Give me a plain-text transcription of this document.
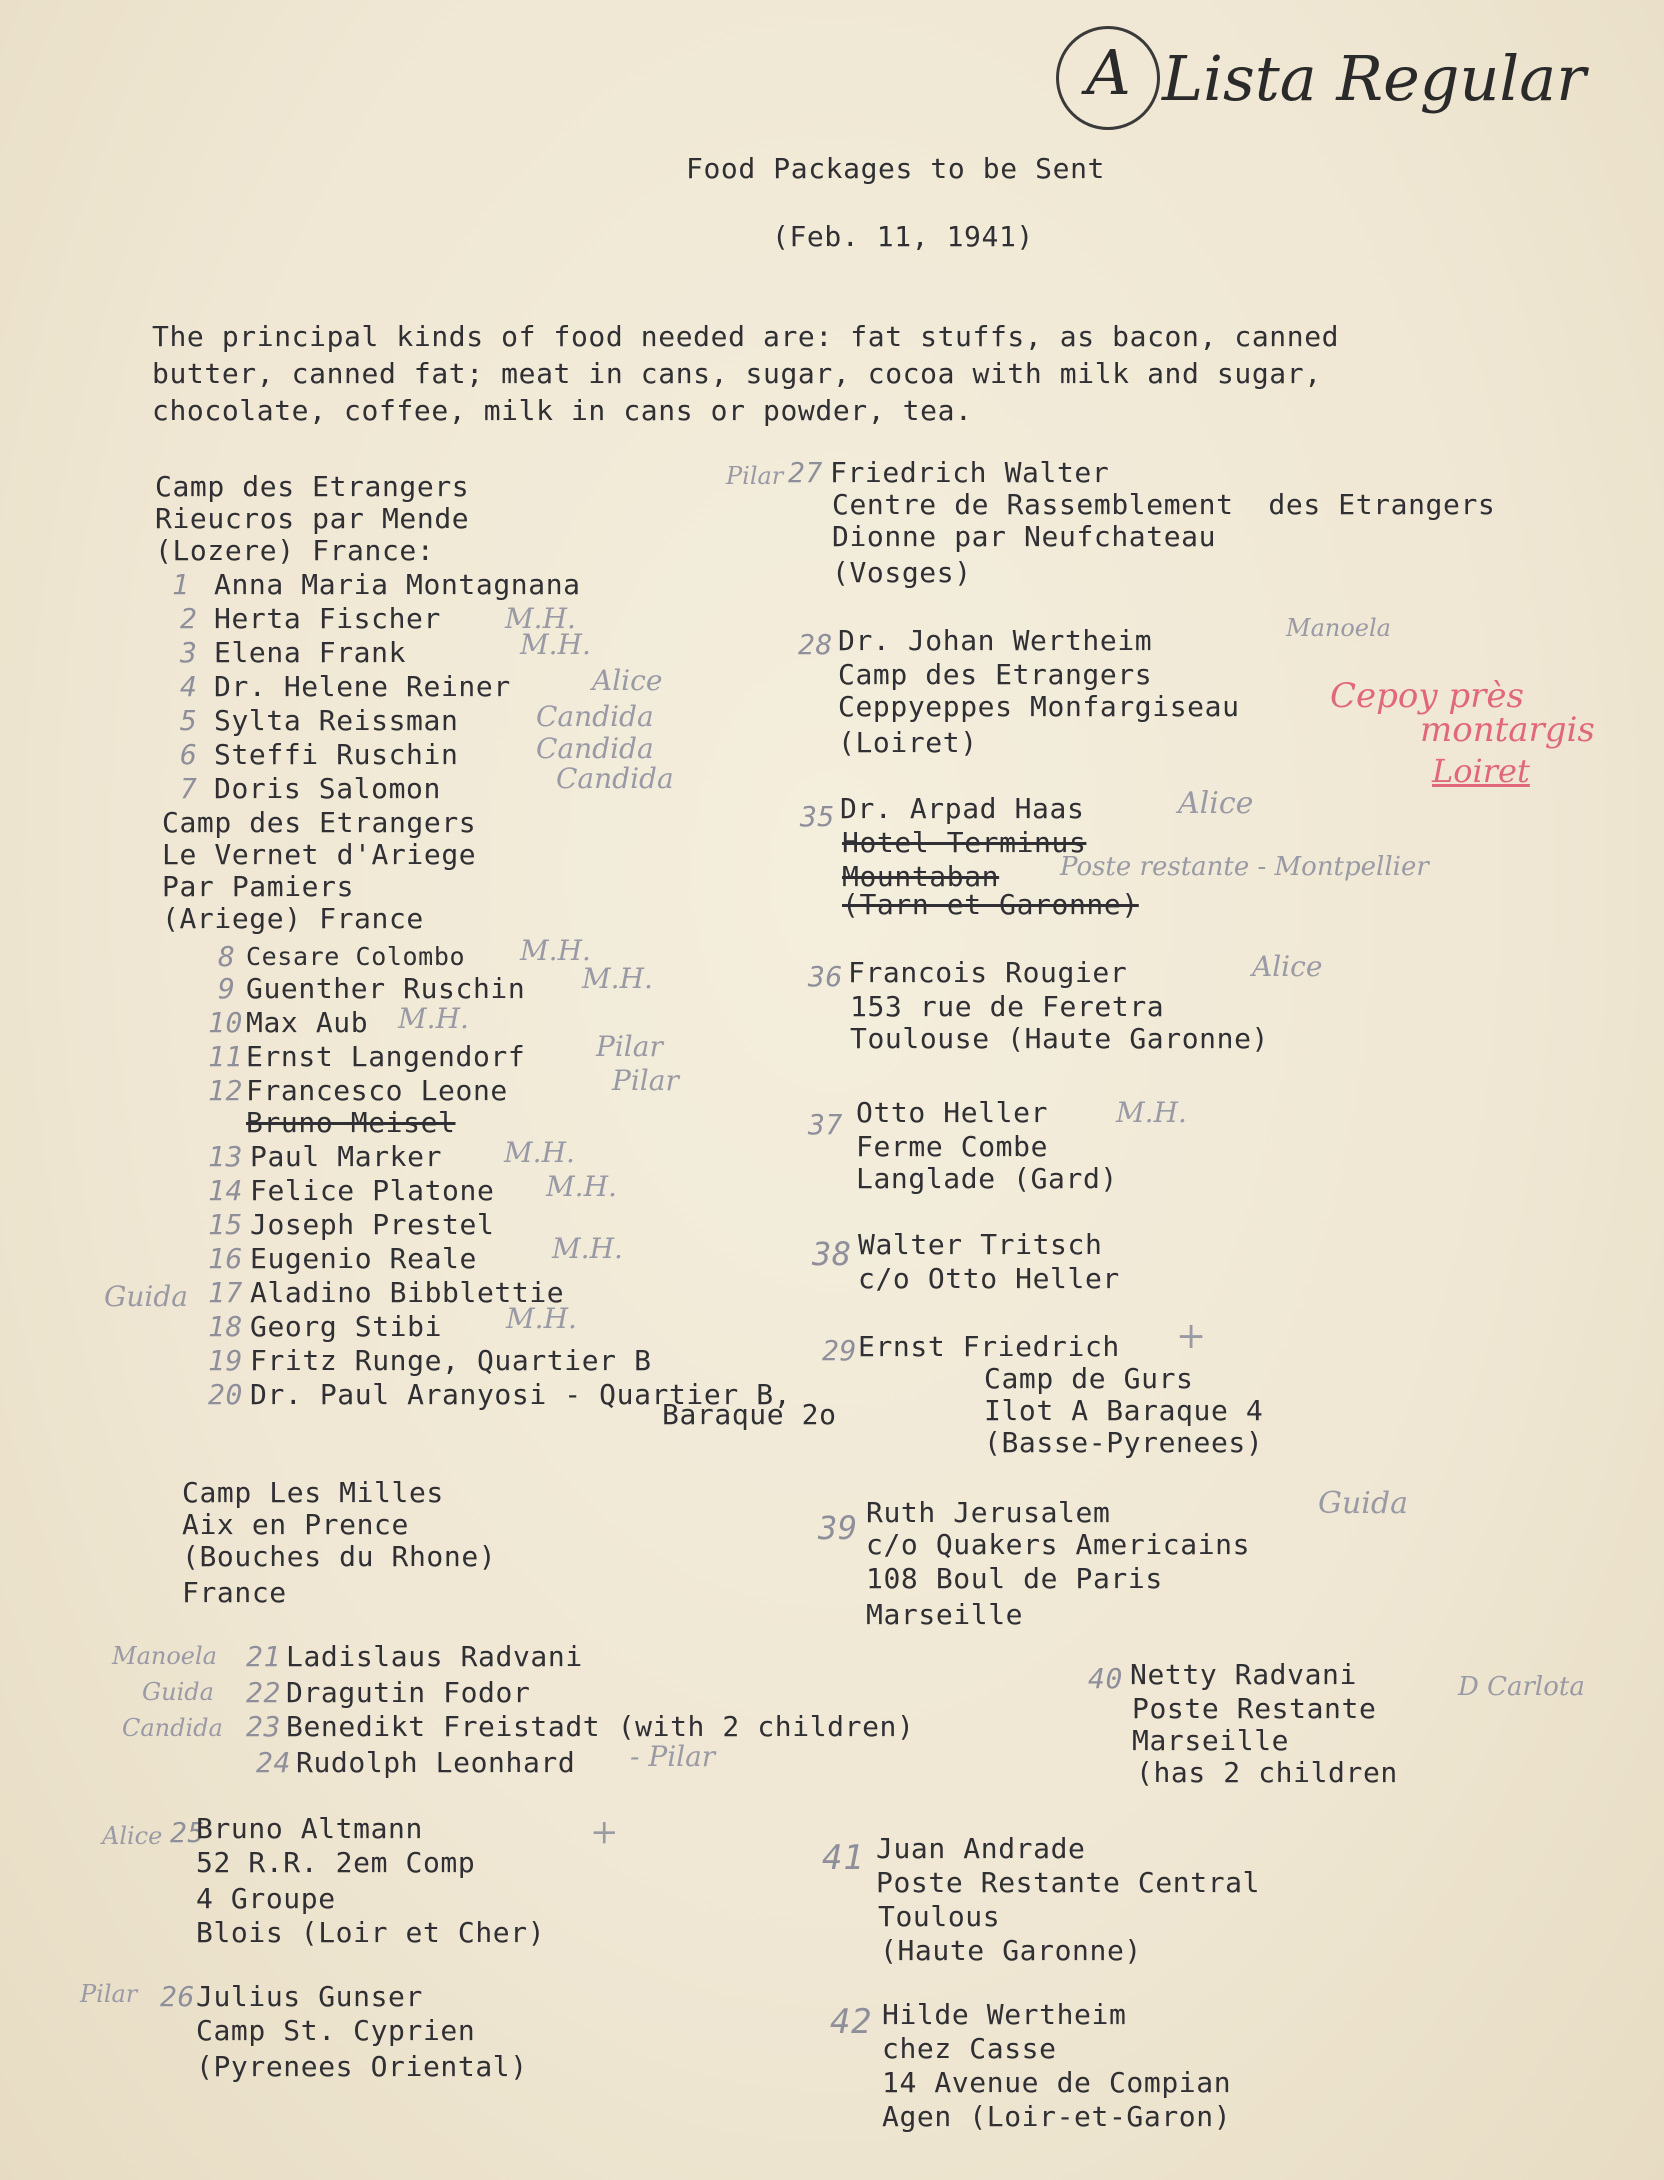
A Lista Regular
Food Packages to be Sent
(Feb. 11, 1941)
The principal kinds of food needed are: fat stuffs, as bacon, canned
butter, canned fat; meat in cans, sugar, cocoa with milk and sugar,
chocolate, coffee, milk in cans or powder, tea.
Camp des Etrangers
Rieucros par Mende
(Lozere) France:
1 Anna Maria Montagnana
2 Herta Fischer M.H.
3 Elena Frank	M.H.
4 Dr. Helene Reiner	Alice
5 Sylta Reissman	Candida
6 Steffi Ruschin	Candida
7 Doris Salomon	Candida
Camp des Etrangers
Le Vernet d'Ariege
Par Pamiers
(Ariege) France
8 Cesare Colombo M.H.
9 Guenther Ruschin M.H.
10 Max Aub M.H.
11 Ernst Langendorf	Pilar
12 Francesco Leone	Pilar
Bruno Meisel
13 Paul Marker M.H.
14 Felice Platone M.H.
15 Joseph Prestel
16 Eugenio Reale	M.H.
Guida 17 Aladino Bibblettie
18 Georg Stibi M.H.
19 Fritz Runge, Quartier B
20 Dr. Paul Aranyosi - Quartier B,
Baraque 2o
Camp Les Milles
Aix en Prence
(Bouches du Rhone)
France
Manoela 21 Ladislaus Radvani
Guida 22 Dragutin Fodor
Candida 23 Benedikt Freistadt (with 2 children)
24 Rudolph Leonhard - Pilar
Alice 25
Bruno Altmann
52 R.R. 2em Comp
4 Groupe
Blois (Loir et Cher)
+
Pilar 26 Julius Gunser
Camp St. Cyprien
(Pyrenees Oriental)
Pilar 27 Friedrich Walter
Centre de Rassemblement  des Etrangers
Dionne par Neufchateau
(Vosges)
28 Dr. Johan Wertheim	Manoela
Camp des Etrangers
Ceppyeppes Monfargiseau
(Loiret)
Cepoy près
montargis
Loiret
35 Dr. Arpad Haas	Alice
Hotel Terminus
Mountaban Poste restante - Montpellier
(Tarn et Garonne)
36 Francois Rougier	Alice
153 rue de Feretra
Toulouse (Haute Garonne)
37 Otto Heller M.H.
Ferme Combe
Langlade (Gard)
38 Walter Tritsch
c/o Otto Heller
29 Ernst Friedrich +
Camp de Gurs
Ilot A Baraque 4
(Basse-Pyrenees)
39 Ruth Jerusalem	Guida
c/o Quakers Americains
108 Boul de Paris
Marseille
40 Netty Radvani	D Carlota
Poste Restante
Marseille
(has 2 children
41 Juan Andrade
Poste Restante Central
Toulous
(Haute Garonne)
42 Hilde Wertheim
chez Casse
14 Avenue de Compian
Agen (Loir-et-Garon)
